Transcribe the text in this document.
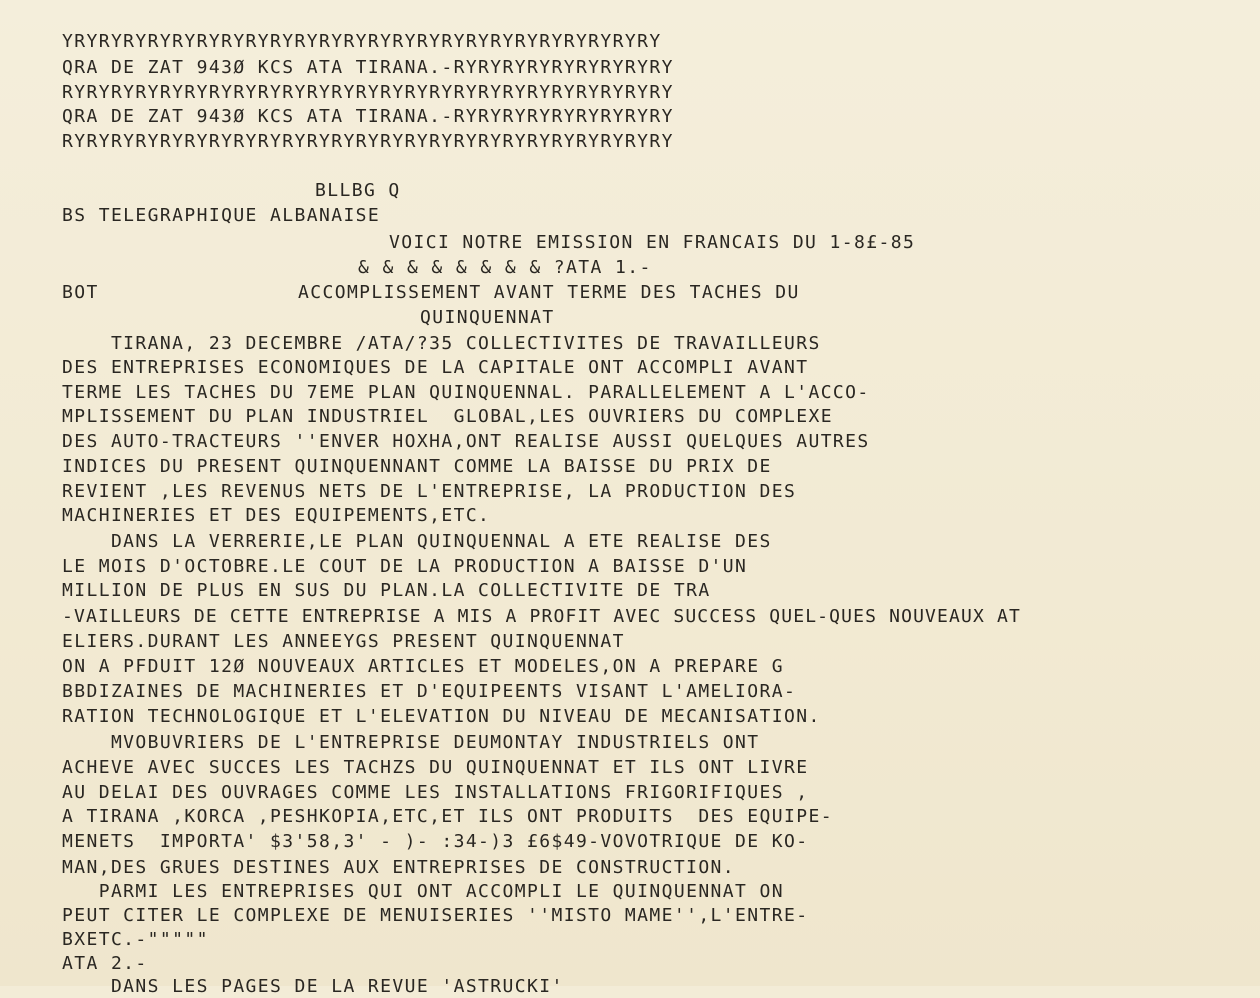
YRYRYRYRYRYRYRYRYRYRYRYRYRYRYRYRYRYRYRYRYRYRYRYRY
QRA DE ZAT 943Ø KCS ATA TIRANA.-RYRYRYRYRYRYRYRYRY
RYRYRYRYRYRYRYRYRYRYRYRYRYRYRYRYRYRYRYRYRYRYRYRYRY
QRA DE ZAT 943Ø KCS ATA TIRANA.-RYRYRYRYRYRYRYRYRY
RYRYRYRYRYRYRYRYRYRYRYRYRYRYRYRYRYRYRYRYRYRYRYRYRY
BLLBG Q
BS TELEGRAPHIQUE ALBANAISE
VOICI NOTRE EMISSION EN FRANCAIS DU 1-8£-85
& & & & & & & & ?ATA 1.-
BOT	ACCOMPLISSEMENT AVANT TERME DES TACHES DU
QUINQUENNAT
TIRANA, 23 DECEMBRE /ATA/?35 COLLECTIVITES DE TRAVAILLEURS
DES ENTREPRISES ECONOMIQUES DE LA CAPITALE ONT ACCOMPLI AVANT
TERME LES TACHES DU 7EME PLAN QUINQUENNAL. PARALLELEMENT A L'ACCO-
MPLISSEMENT DU PLAN INDUSTRIEL  GLOBAL,LES OUVRIERS DU COMPLEXE
DES AUTO-TRACTEURS ''ENVER HOXHA,ONT REALISE AUSSI QUELQUES AUTRES
INDICES DU PRESENT QUINQUENNANT COMME LA BAISSE DU PRIX DE
REVIENT ,LES REVENUS NETS DE L'ENTREPRISE, LA PRODUCTION DES
MACHINERIES ET DES EQUIPEMENTS,ETC.
DANS LA VERRERIE,LE PLAN QUINQUENNAL A ETE REALISE DES
LE MOIS D'OCTOBRE.LE COUT DE LA PRODUCTION A BAISSE D'UN
MILLION DE PLUS EN SUS DU PLAN.LA COLLECTIVITE DE TRA
-VAILLEURS DE CETTE ENTREPRISE A MIS A PROFIT AVEC SUCCESS QUEL-QUES NOUVEAUX AT
ELIERS.DURANT LES ANNEEYGS PRESENT QUINQUENNAT
ON A PFDUIT 12Ø NOUVEAUX ARTICLES ET MODELES,ON A PREPARE G
BBDIZAINES DE MACHINERIES ET D'EQUIPEENTS VISANT L'AMELIORA-
RATION TECHNOLOGIQUE ET L'ELEVATION DU NIVEAU DE MECANISATION.
MVOBUVRIERS DE L'ENTREPRISE DEUMONTAY INDUSTRIELS ONT
ACHEVE AVEC SUCCES LES TACHZS DU QUINQUENNAT ET ILS ONT LIVRE
AU DELAI DES OUVRAGES COMME LES INSTALLATIONS FRIGORIFIQUES ,
A TIRANA ,KORCA ,PESHKOPIA,ETC,ET ILS ONT PRODUITS  DES EQUIPE-
MENETS  IMPORTA' $3'58,3' - )- :34-)3 £6$49-VOVOTRIQUE DE KO-
MAN,DES GRUES DESTINES AUX ENTREPRISES DE CONSTRUCTION.
PARMI LES ENTREPRISES QUI ONT ACCOMPLI LE QUINQUENNAT ON
PEUT CITER LE COMPLEXE DE MENUISERIES ''MISTO MAME'',L'ENTRE-
BXETC.-"""""
ATA 2.-
DANS LES PAGES DE LA REVUE 'ASTRUCKI'
